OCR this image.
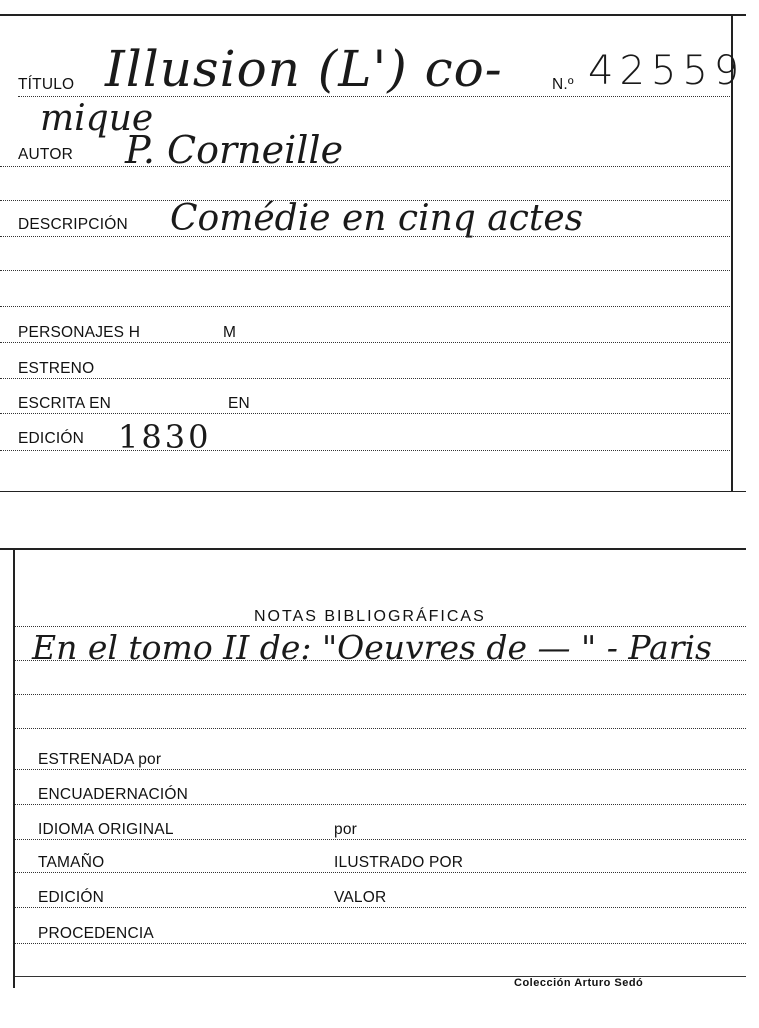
TÍTULO Illusion (L') co-	N.º 42559
mique
AUTOR P. Corneille
DESCRIPCIÓN Comédie en cinq actes
PERSONAJES H	M
ESTRENO
ESCRITA EN	EN
EDICIÓN 1830
NOTAS BIBLIOGRÁFICAS
En el tomo II de: "Oeuvres de — " - Paris
ESTRENADA por
ENCUADERNACIÓN
IDIOMA ORIGINAL	por
TAMAÑO	ILUSTRADO POR
EDICIÓN	VALOR
PROCEDENCIA
Colección Arturo Sedó
